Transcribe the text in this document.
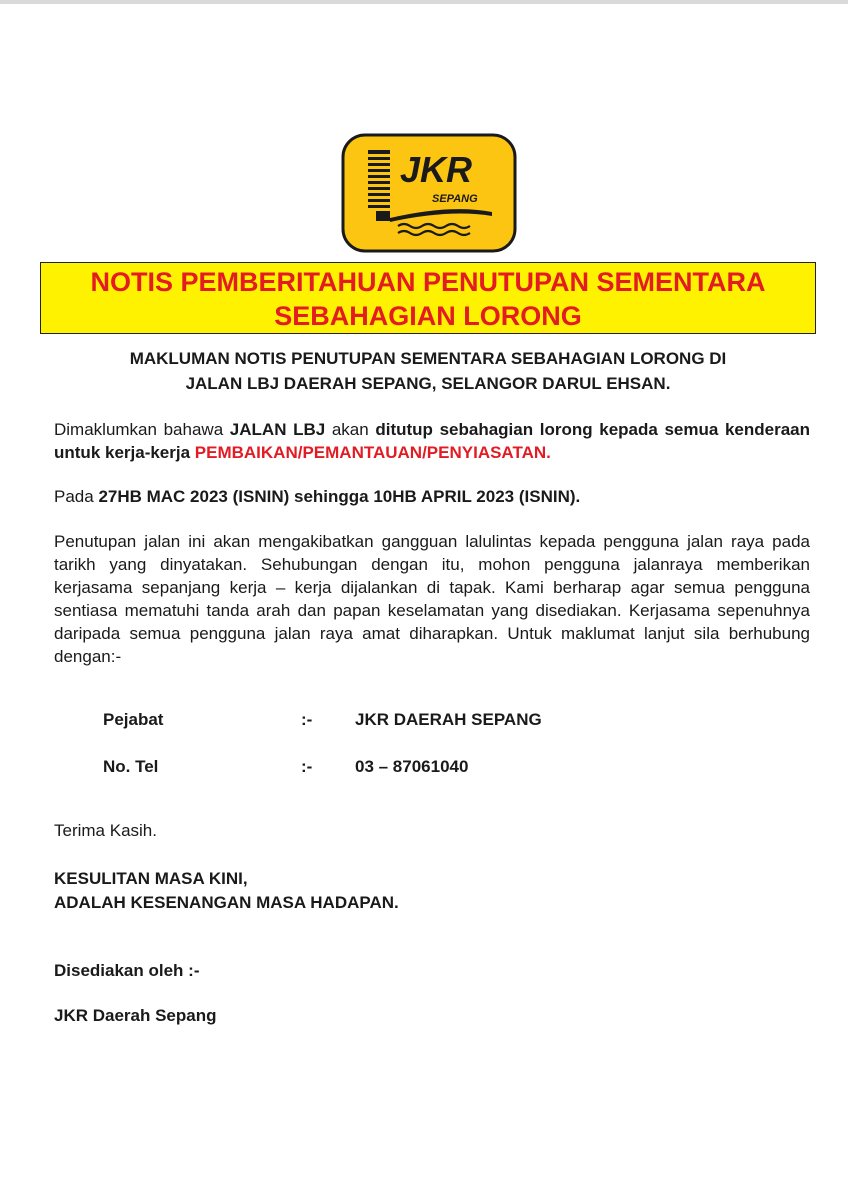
JKR
SEPANG
NOTIS PEMBERITAHUAN PENUTUPAN SEMENTARA
SEBAHAGIAN LORONG
MAKLUMAN NOTIS PENUTUPAN SEMENTARA SEBAHAGIAN LORONG DI
JALAN LBJ DAERAH SEPANG, SELANGOR DARUL EHSAN.
Dimaklumkan bahawa JALAN LBJ akan ditutup sebahagian lorong kepada semua kenderaan untuk kerja-kerja PEMBAIKAN/PEMANTAUAN/PENYIASATAN.
Pada 27HB MAC 2023 (ISNIN) sehingga 10HB APRIL 2023 (ISNIN).
Penutupan jalan ini akan mengakibatkan gangguan lalulintas kepada pengguna jalan raya pada tarikh yang dinyatakan. Sehubungan dengan itu, mohon pengguna jalanraya memberikan kerjasama sepanjang kerja – kerja dijalankan di tapak. Kami berharap agar semua pengguna sentiasa mematuhi tanda arah dan papan keselamatan yang disediakan. Kerjasama sepenuhnya daripada semua pengguna jalan raya amat diharapkan. Untuk maklumat lanjut sila berhubung dengan:-
Pejabat	:-	JKR DAERAH SEPANG
No. Tel	:-	03 – 87061040
Terima Kasih.
KESULITAN MASA KINI,
ADALAH KESENANGAN MASA HADAPAN.
Disediakan oleh :-
JKR Daerah Sepang
